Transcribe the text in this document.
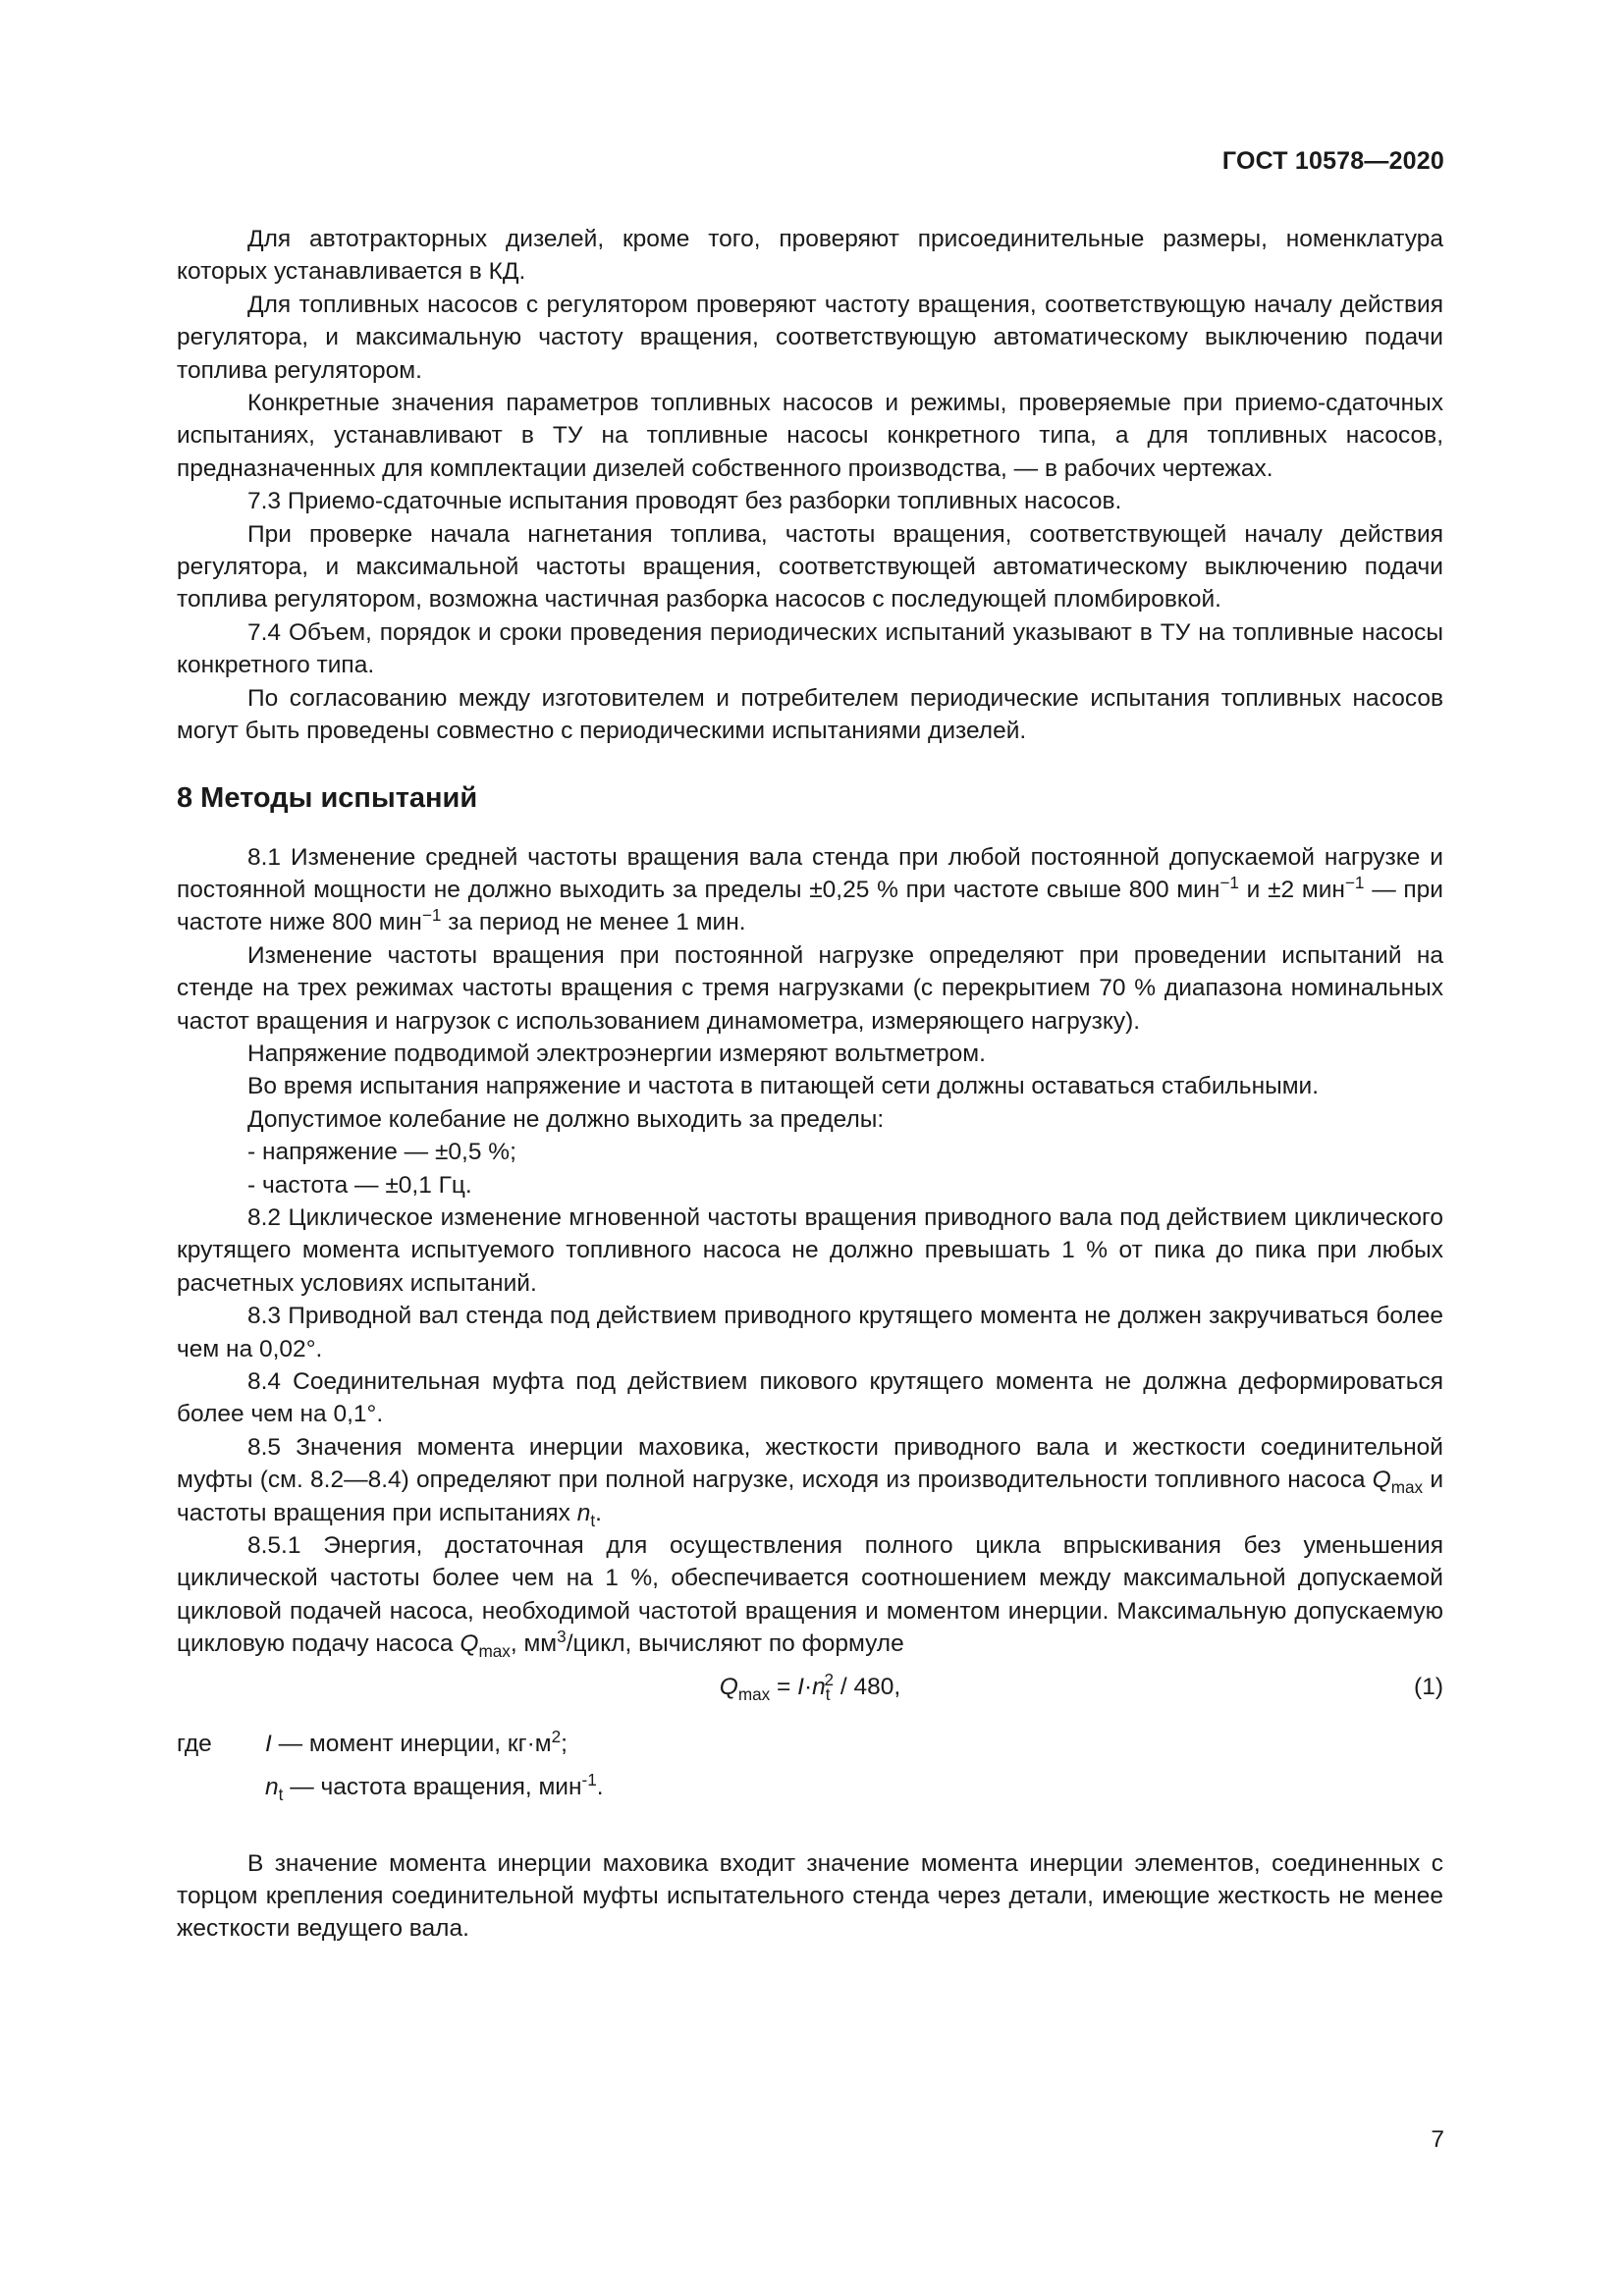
ГОСТ 10578—2020

Для автотракторных дизелей, кроме того, проверяют присоединительные размеры, номенклатура которых устанавливается в КД.

Для топливных насосов с регулятором проверяют частоту вращения, соответствующую началу действия регулятора, и максимальную частоту вращения, соответствующую автоматическому выключению подачи топлива регулятором.

Конкретные значения параметров топливных насосов и режимы, проверяемые при приемо-сдаточных испытаниях, устанавливают в ТУ на топливные насосы конкретного типа, а для топливных насосов, предназначенных для комплектации дизелей собственного производства, — в рабочих чертежах.

7.3 Приемо-сдаточные испытания проводят без разборки топливных насосов.

При проверке начала нагнетания топлива, частоты вращения, соответствующей началу действия регулятора, и максимальной частоты вращения, соответствующей автоматическому выключению подачи топлива регулятором, возможна частичная разборка насосов с последующей пломбировкой.

7.4 Объем, порядок и сроки проведения периодических испытаний указывают в ТУ на топливные насосы конкретного типа.

По согласованию между изготовителем и потребителем периодические испытания топливных насосов могут быть проведены совместно с периодическими испытаниями дизелей.

8 Методы испытаний

8.1 Изменение средней частоты вращения вала стенда при любой постоянной допускаемой нагрузке и постоянной мощности не должно выходить за пределы ±0,25 % при частоте свыше 800 мин$^{-1}$ и ±2 мин$^{-1}$ — при частоте ниже 800 мин$^{-1}$ за период не менее 1 мин.

Изменение частоты вращения при постоянной нагрузке определяют при проведении испытаний на стенде на трех режимах частоты вращения с тремя нагрузками (с перекрытием 70 % диапазона номинальных частот вращения и нагрузок с использованием динамометра, измеряющего нагрузку).

Напряжение подводимой электроэнергии измеряют вольтметром.

Во время испытания напряжение и частота в питающей сети должны оставаться стабильными.

Допустимое колебание не должно выходить за пределы:

- напряжение — ±0,5 %;

- частота — ±0,1 Гц.

8.2 Циклическое изменение мгновенной частоты вращения приводного вала под действием циклического крутящего момента испытуемого топливного насоса не должно превышать 1 % от пика до пика при любых расчетных условиях испытаний.

8.3 Приводной вал стенда под действием приводного крутящего момента не должен закручиваться более чем на 0,02°.

8.4 Соединительная муфта под действием пикового крутящего момента не должна деформироваться более чем на 0,1°.

8.5 Значения момента инерции маховика, жесткости приводного вала и жесткости соединительной муфты (см. 8.2—8.4) определяют при полной нагрузке, исходя из производительности топливного насоса $Q_{max}$ и частоты вращения при испытаниях $n_t$.

8.5.1 Энергия, достаточная для осуществления полного цикла впрыскивания без уменьшения циклической частоты более чем на 1 %, обеспечивается соотношением между максимальной допускаемой цикловой подачей насоса, необходимой частотой вращения и моментом инерции. Максимальную допускаемую цикловую подачу насоса $Q_{max}$, $мм^3$/цикл, вычисляют по формуле

$Q_{max} = I\cdot n_t^2 / 480$,	(1)
где I — момент инерции, $кг\cdot м^2$;
$n_t$ — частота вращения, мин$^{-1}$.

В значение момента инерции маховика входит значение момента инерции элементов, соединенных с торцом крепления соединительной муфты испытательного стенда через детали, имеющие жесткость не менее жесткости ведущего вала.

7
